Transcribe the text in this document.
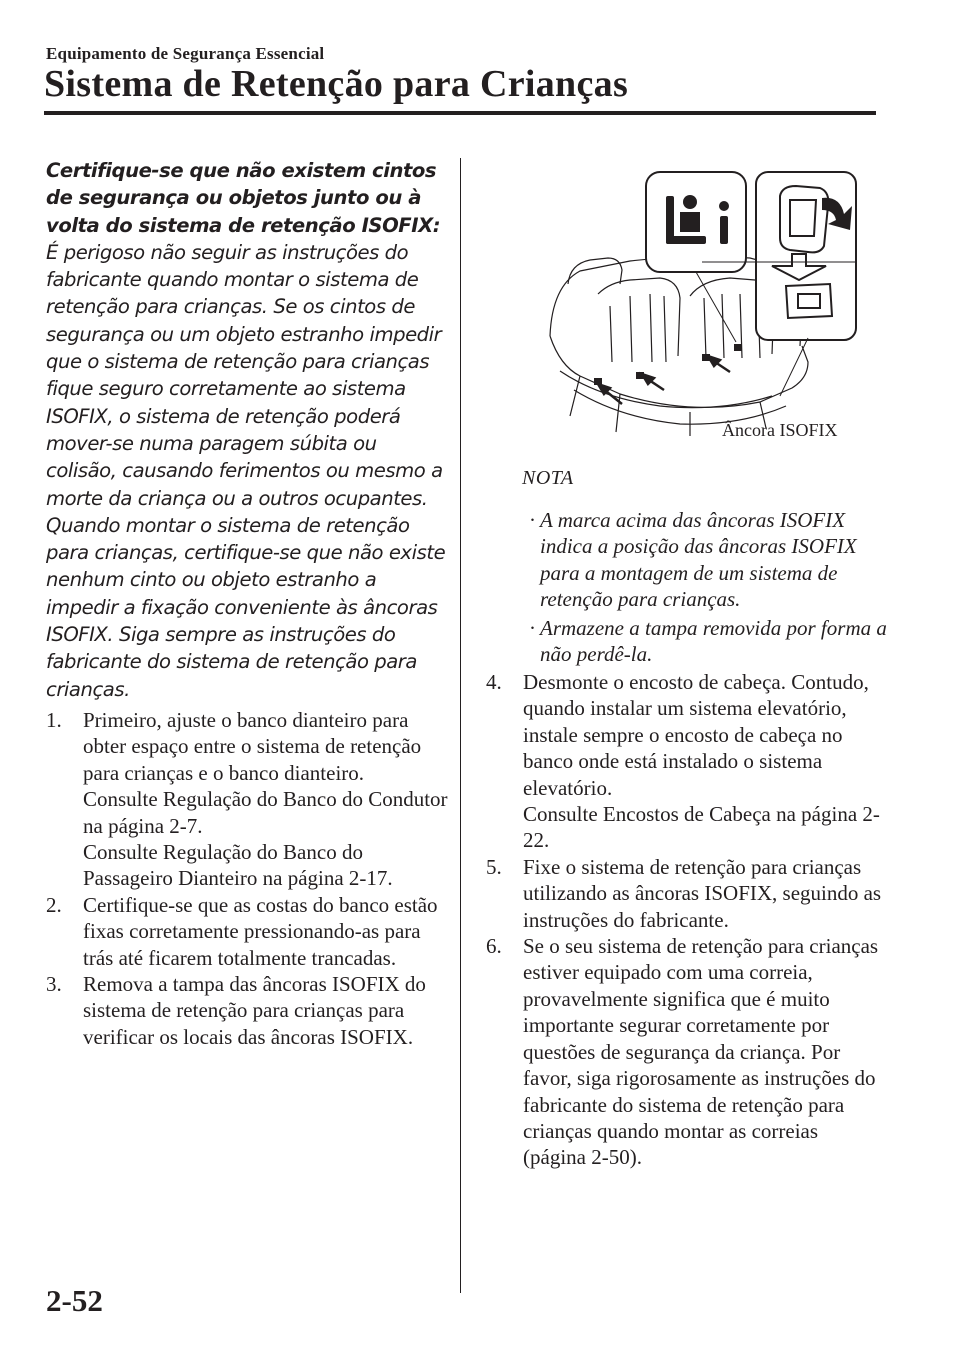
Equipamento de Segurança Essencial
Sistema de Retenção para Crianças
Certifique-se que não existem cintos de segurança ou objetos junto ou à volta do sistema de retenção ISOFIX:
É perigoso não seguir as instruções do fabricante quando montar o sistema de retenção para crianças. Se os cintos de segurança ou um objeto estranho impedir que o sistema de retenção para crianças fique seguro corretamente ao sistema ISOFIX, o sistema de retenção poderá mover-se numa paragem súbita ou colisão, causando ferimentos ou mesmo a morte da criança ou a outros ocupantes. Quando montar o sistema de retenção para crianças, certifique-se que não existe nenhum cinto ou objeto estranho a impedir a fixação conveniente às âncoras ISOFIX. Siga sempre as instruções do fabricante do sistema de retenção para crianças.
1. Primeiro, ajuste o banco dianteiro para obter espaço entre o sistema de retenção para crianças e o banco dianteiro.
Consulte Regulação do Banco do Condutor na página 2-7.
Consulte Regulação do Banco do Passageiro Dianteiro na página 2-17.
2. Certifique-se que as costas do banco estão fixas corretamente pressionando-as para trás até ficarem totalmente trancadas.
3. Remova a tampa das âncoras ISOFIX do sistema de retenção para crianças para verificar os locais das âncoras ISOFIX.
Âncora ISOFIX
NOTA
· A marca acima das âncoras ISOFIX indica a posição das âncoras ISOFIX para a montagem de um sistema de retenção para crianças.
· Armazene a tampa removida por forma a não perdê-la.
4. Desmonte o encosto de cabeça. Contudo, quando instalar um sistema elevatório, instale sempre o encosto de cabeça no banco onde está instalado o sistema elevatório.
Consulte Encostos de Cabeça na página 2-22.
5. Fixe o sistema de retenção para crianças utilizando as âncoras ISOFIX, seguindo as instruções do fabricante.
6. Se o seu sistema de retenção para crianças estiver equipado com uma correia, provavelmente significa que é muito importante segurar corretamente por questões de segurança da criança. Por favor, siga rigorosamente as instruções do fabricante do sistema de retenção para crianças quando montar as correias (página 2-50).
2-52
